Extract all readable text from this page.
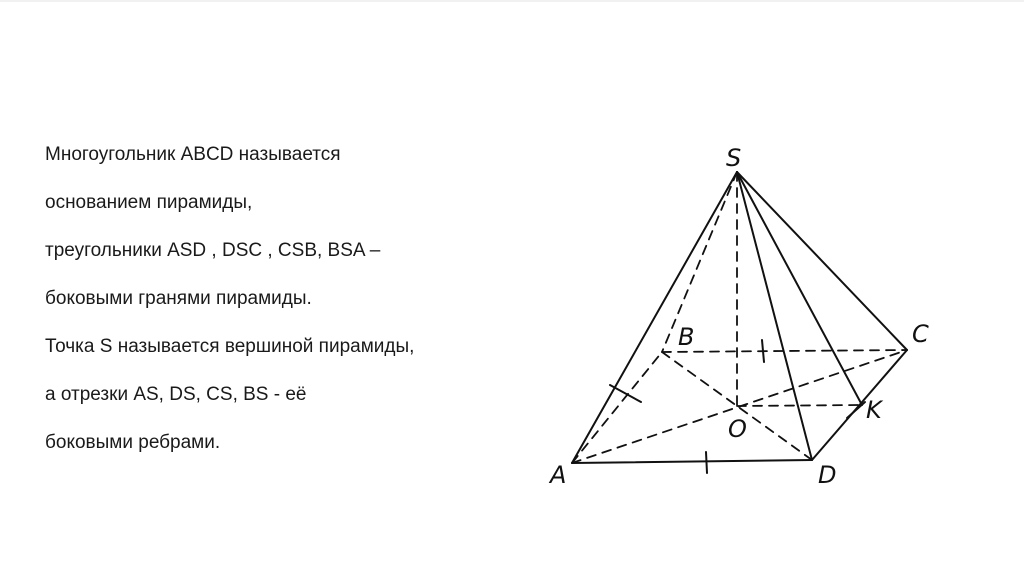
Многоугольник ABCD называется
основанием пирамиды,
треугольники ASD , DSC , CSB, BSA –
боковыми гранями пирамиды.
Точка S называется вершиной пирамиды,
а отрезки AS, DS, CS, BS - её
боковыми ребрами.
S
A
B	C
D
O
K
